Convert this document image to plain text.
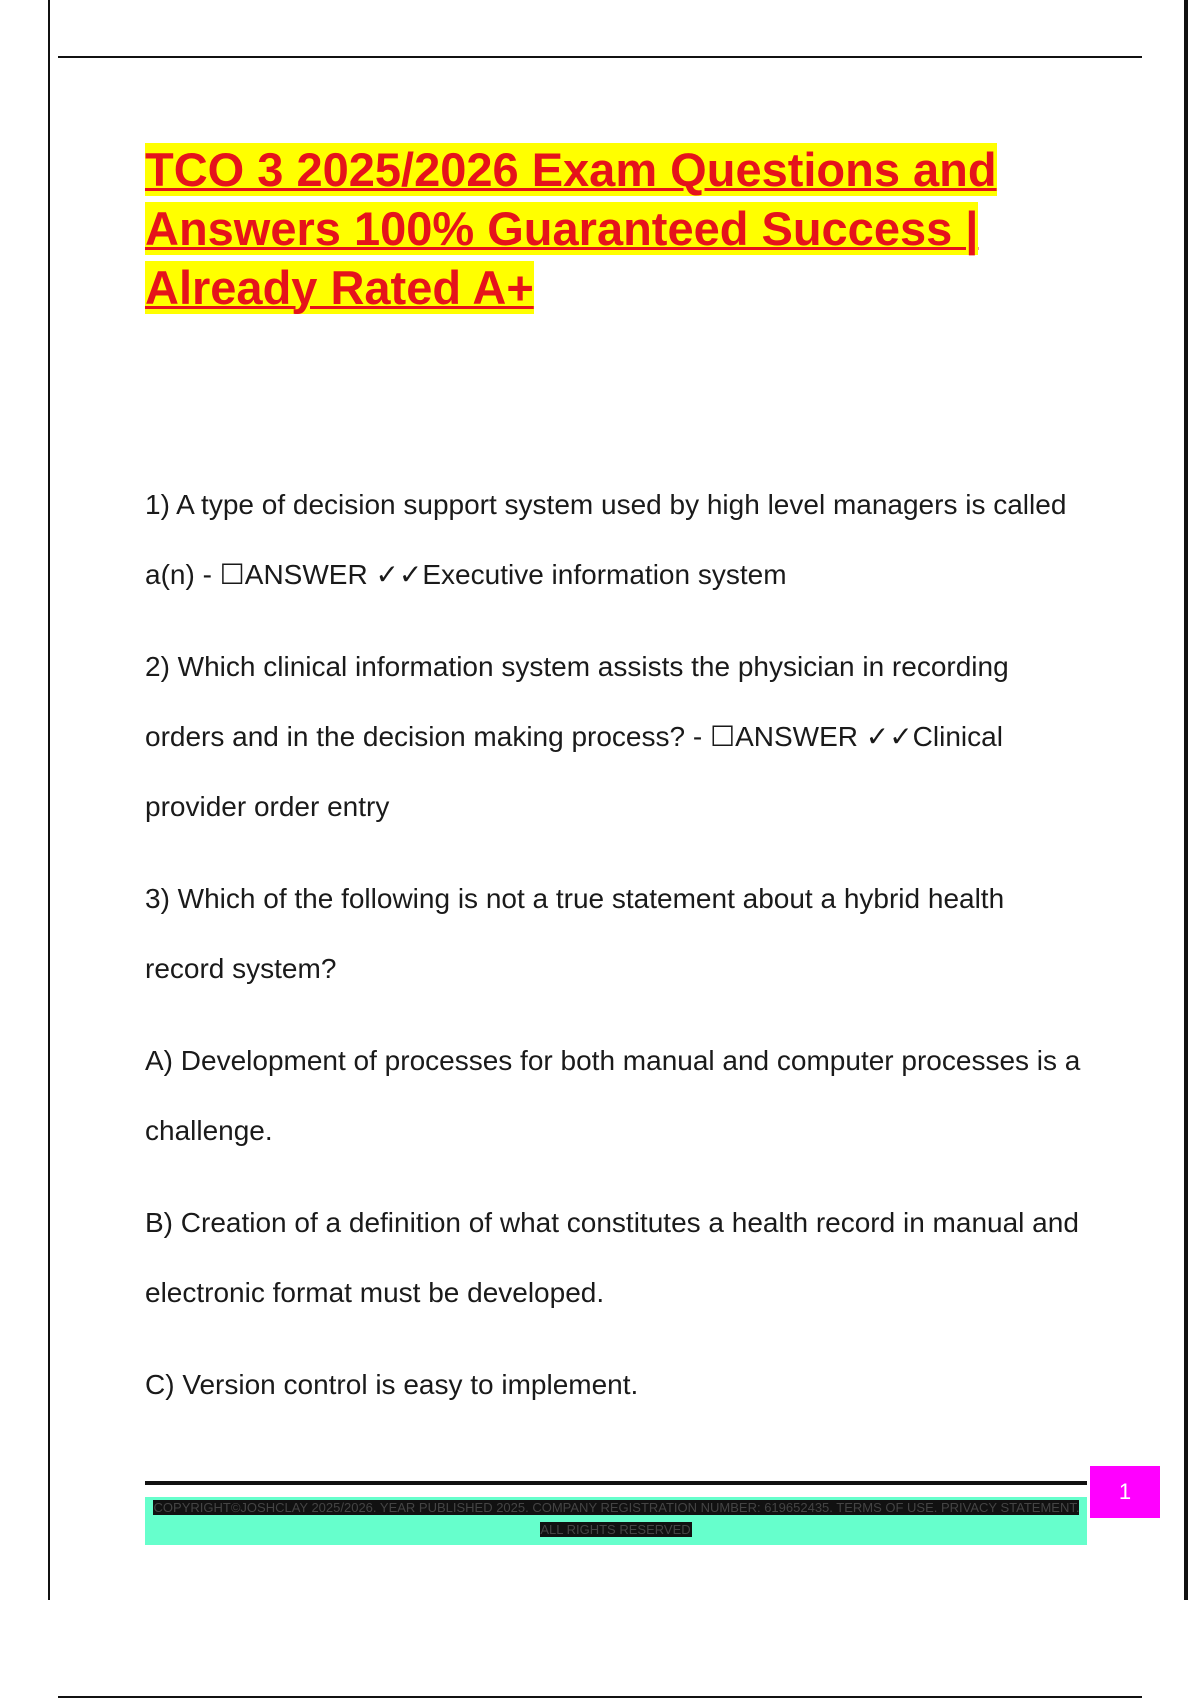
TCO 3 2025/2026 Exam Questions and
Answers 100% Guaranteed Success |
Already Rated A+
1) A type of decision support system used by high level managers is called
a(n) - ☐ANSWER ✓✓Executive information system
2) Which clinical information system assists the physician in recording
orders and in the decision making process? - ☐ANSWER ✓✓Clinical
provider order entry
3) Which of the following is not a true statement about a hybrid health
record system?
A) Development of processes for both manual and computer processes is a
challenge.
B) Creation of a definition of what constitutes a health record in manual and
electronic format must be developed.
C) Version control is easy to implement.
COPYRIGHT©JOSHCLAY 2025/2026. YEAR PUBLISHED 2025. COMPANY REGISTRATION NUMBER: 619652435. TERMS OF USE. PRIVACY STATEMENT. ALL RIGHTS RESERVED
1
